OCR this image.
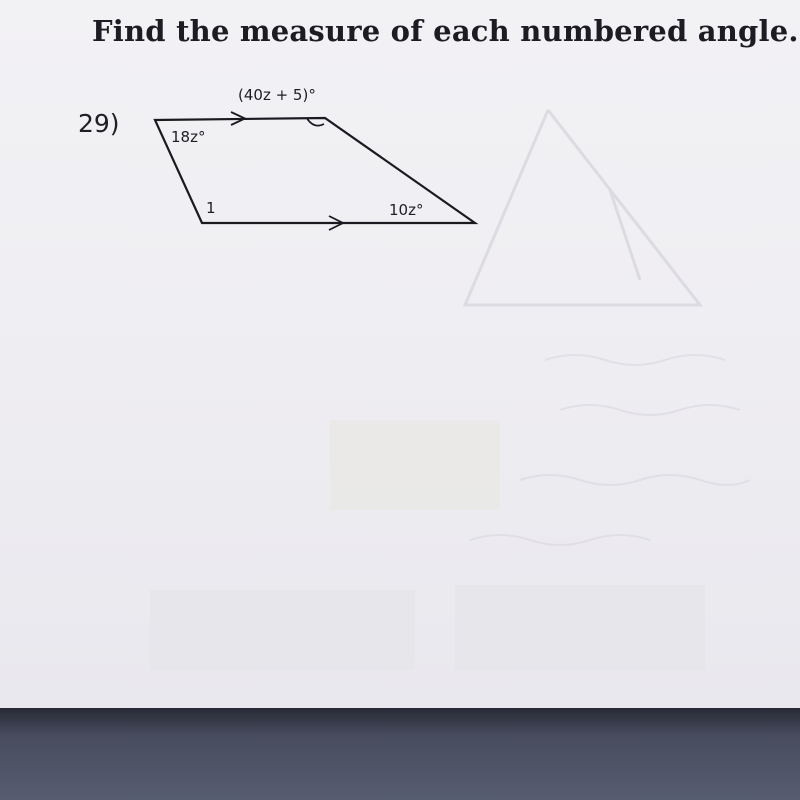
Find the measure of each numbered angle.
29)
(40z + 5)°
18z°
1	10z°
